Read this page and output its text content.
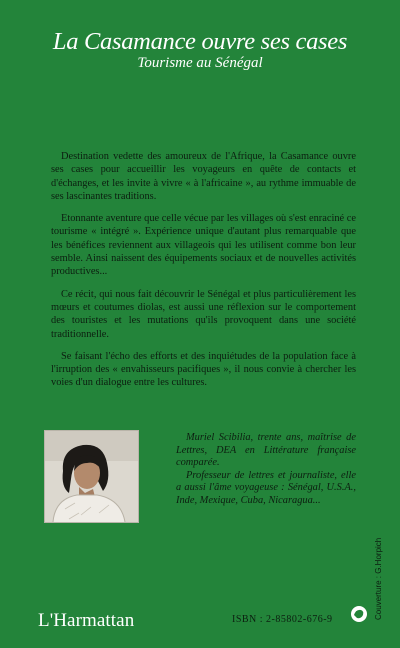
La Casamance ouvre ses cases
Tourisme au Sénégal

Destination vedette des amoureux de l'Afrique, la Casamance ouvre ses cases pour accueillir les voyageurs en quête de contacts et d'échanges, et les invite à vivre « à l'africaine », au rythme immuable de ses lascinantes traditions.

Etonnante aventure que celle vécue par les villages où s'est enraciné ce tourisme « intégré ». Expérience unique d'autant plus remarquable que les bénéfices reviennent aux villageois qui les utilisent comme bon leur semble. Ainsi naissent des équipements sociaux et de nouvelles activités productives...

Ce récit, qui nous fait découvrir le Sénégal et plus particulièrement les mœurs et coutumes diolas, est aussi une réflexion sur le comportement des touristes et les mutations qu'ils provoquent dans une société traditionnelle.

Se faisant l'écho des efforts et des inquiétudes de la population face à l'irruption des « envahisseurs pacifiques », il nous convie à chercher les voies d'un dialogue entre les cultures.

Muriel Scibilia, trente ans, maîtrise de Lettres, DEA en Littérature française comparée.

Professeur de lettres et journaliste, elle a aussi l'âme voyageuse : Sénégal, U.S.A., Inde, Mexique, Cuba, Nicaragua...

L'Harmattan	ISBN : 2-85802-676-9	Couverture : G.Horpich
